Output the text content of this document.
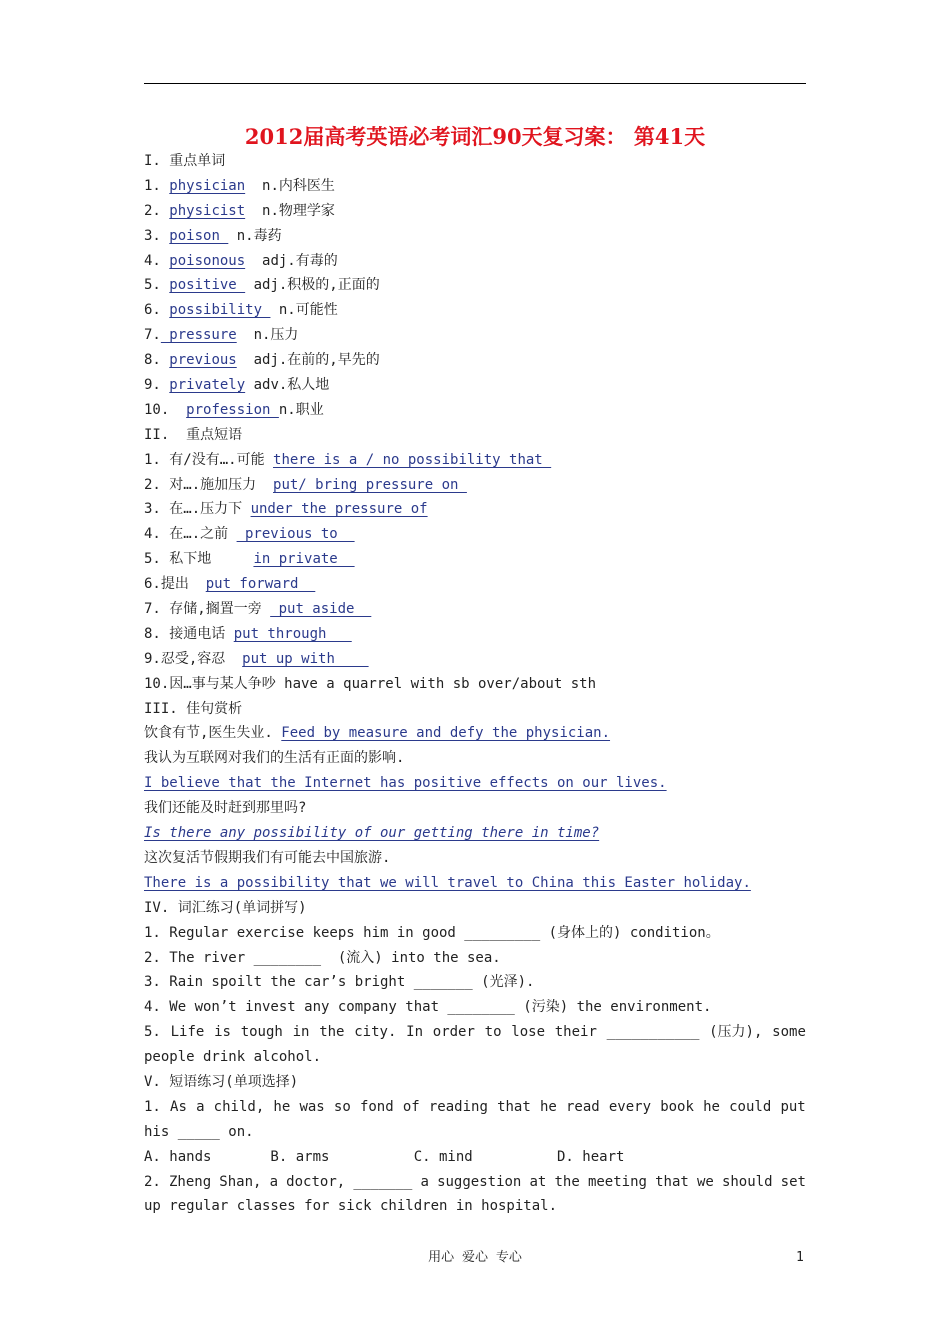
2012届高考英语必考词汇90天复习案： 第41天
I. 重点单词
1. physician  n.内科医生
2. physicist  n.物理学家
3. poison  n.毒药
4. poisonous  adj.有毒的
5. positive  adj.积极的,正面的
6. possibility  n.可能性
7. pressure  n.压力
8. previous  adj.在前的,早先的
9. privately adv.私人地
10.  profession n.职业
II.  重点短语
1. 有/没有….可能 there is a / no possibility that
2. 对….施加压力  put/ bring pressure on
3. 在….压力下 under the pressure of
4. 在….之前  previous to
5. 私下地     in private
6.提出  put forward
7. 存储,搁置一旁  put aside
8. 接通电话 put through
9.忍受,容忍  put up with
10.因…事与某人争吵 have a quarrel with sb over/about sth
III. 佳句赏析
饮食有节,医生失业. Feed by measure and defy the physician.
我认为互联网对我们的生活有正面的影响.
I believe that the Internet has positive effects on our lives.
我们还能及时赶到那里吗?
Is there any possibility of our getting there in time?
这次复活节假期我们有可能去中国旅游.
There is a possibility that we will travel to China this Easter holiday.
IV. 词汇练习(单词拼写)
1. Regular exercise keeps him in good _________ (身体上的) condition。
2. The river ________  (流入) into the sea.
3. Rain spoilt the car’s bright _______ (光泽).
4. We won’t invest any company that ________ (污染) the environment.
5. Life is tough in the city. In order to lose their ___________ (压力), some
people drink alcohol.
V. 短语练习(单项选择)
1. As a child, he was so fond of reading that he read every book he could put
his _____ on.
A. hands       B. arms          C. mind          D. heart
2. Zheng Shan, a doctor, _______ a suggestion at the meeting that we should set
up regular classes for sick children in hospital.
用心 爱心 专心	1
